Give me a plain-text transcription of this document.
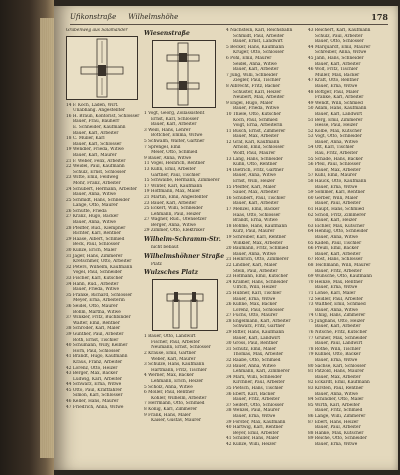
Ufikonstraße Wilhelmshöhe	178
Grabenweg aus Salamander
14 F. Koch, Laden, Wirt.
Unabhäng. Angestellter
16 H. Braun, Kontorist, Schlosser
Bauer, Frau, Bauherr
E. Schneider, Kaufmann
Bauer, Karl, Arbeiter
18 C. Müller, Karl
Bauer, Karl, Schlosser
19 Wendler, Frieda, Witwe
Bauer, Karl, Maurer
21 F. Weber, Felix, Arbeiter
22 Weidel, Paul, Kaufmann
Schulz, Ernst, Schlosser
23 Witte, Emil, Feldweg
Mohr, Franz, Arbeiter
24 Schubert, Hermann, Arbeiter
Bauer, Anna, Witwe
25 Schmidt, Hans, Schneider
Lange, Otto, Maurer
26 Schütte, Frieda
27 Kranz, Hugo, Bäcker
Bauer, Anna, Witwe
28 Pfeiffer, Rud., Klempner
Richter, Karl, Rentner
29 Haase, Albert, Schmied
Beck, Paul, Schlosser
30 Kunze, Erich, Maler
31 Jäger, Hans, Zimmerer
Kretschmer, Otto, Arbeiter
32 Peters, Wilhelm, Kaufmann
Vogel, Paul, Schneider
33 Fischer, Karl, Kutscher
34 Hahn, Rud., Arbeiter
Bauer, Frieda, Witwe
35 Franke, Richard, Schlosser
Meyer, Erna, Arbeiterin
36 Seidel, Otto, Maurer
Böhm, Martha, Witwe
37 Winkler, Fritz, Buchbinder
Walter, Emil, Rentner
38 Schröder, Karl, Maler
39 Günther, Paul, Arbeiter
Roth, Ernst, Tischler
40 Schumann, Willy, Kellner
Horn, Paul, Schlosser
41 Brandt, Hugo, Kaufmann
Kraus, Franz, Arbeiter
42 Lorenz, Otto, Heizer
43 Berger, Max, Bäcker
Ludwig, Karl, Arbeiter
44 Schwarz, Erna, Witwe
45 Otto, Paul, Kraftfahrer
Simon, Karl, Schlosser
46 Keller, Hans, Maurer
47 Friedrich, Anna, Witwe
Wiesenstraße
1 Vogt, Georg, Zollassistent
Ernst, Karl, Schlosser
Bauer, Karl, Arbeiter
3 Weiß, Hans, Lehrer
Böttcher, Emma, Witwe
5 Schwalm, Walter, Gärtner
7 Sprengel, Emil
Meier, Otto, Schmied
9 Bauer, Anna, Witwe
11 Vogel, Heinrich, Rentner
13 Kühn, Emil, Arbeiter
Gärtner, Paul, Tischler
15 Schwalbe, Hermann, Zimmerer
17 Winter, Karl, Kaufmann
19 Hoffmann, Max, Maler
21 Martin, Emil, Angestellter
23 Bauer, Karl, Arbeiter
25 Eckert, Willi, Schneider
Lehmann, Paul, Heizer
27 Wagner, Rud., Ofensetzer
Berger, Anna, Witwe
29 Zimmer, Otto, Elektriker
Wilhelm-Schramm-Str.
nicht bebaut
Wilhelmshöhner Straße
Platz
Wulzsches Platz
1 Bauer, Otto, Landwirt
Fischer, Paul, Arbeiter
Neumann, Ernst, Schlosser
2 Krause, Emil, Gärtner
Weber, Karl, Maurer
3 Schulze, Hans, Kaufmann
Hartmann, Fritz, Tischler
4 Werner, Max, Bäcker
Lehmann, Erich, Heizer
5 Scholz, Anna, Witwe
6 Möller, Paul, Rentner
Köhler, Wilhelm, Arbeiter
7 Herrmann, Otto, Schmied
8 König, Karl, Zimmerer
9 Frank, Hans, Maler
Kaiser, Gustav, Maurer
4 Nachstein, Karl, Reichsbahn
Schmidt, Paul, Arbeiter
Bauer, Ernst, Landwirt
5 Becker, Hans, Kaufmann
Krüger, Otto, Schlosser
6 Pohl, Emil, Maurer
Seidel, Anna, Witwe
Bauer, Karl, Arbeiter
7 Jung, Willi, Schneider
Ziegler, Paul, Tischler
8 Albrecht, Fritz, Bäcker
Schuster, Karl, Heizer
Neubert, Max, Arbeiter
9 Engel, Hugo, Maler
Bauer, Frieda, Witwe
10 Thiele, Otto, Kutscher
Koch, Paul, Schmied
Voigt, Erna, Arbeiterin
11 Busch, Ernst, Zimmerer
Bauer, Max, Arbeiter
12 Graf, Karl, Kaufmann
Arnold, Emil, Schlosser
Wolff, Paul, Maurer
13 Lang, Hans, Schneider
Kuhn, Otto, Rentner
14 Dietrich, Fritz, Gärtner
Bauer, Anna, Witwe
Ernst, Willi, Heizer
15 Pfeiffer, Karl, Maler
Sauer, Max, Arbeiter
16 Schubert, Paul, Tischler
Bauer, Karl, Arbeiter
17 Menzel, Emil, Bäcker
Haas, Otto, Schlosser
Brandt, Erna, Witwe
18 Böhme, Hans, Kaufmann
Kurz, Paul, Maurer
19 Schreiber, Karl, Rentner
Winkler, Max, Arbeiter
20 Baumann, Fritz, Schmied
Bauer, Anna, Witwe
21 Heinrich, Otto, Zimmerer
22 Lindner, Karl, Maler
Stein, Paul, Arbeiter
23 Hofmann, Emil, Kutscher
24 Krämer, Hans, Schneider
Ulrich, Willi, Heizer
25 Hübner, Karl, Tischler
Bauer, Erna, Witwe
26 Kühne, Max, Bäcker
Lorenz, Paul, Schlosser
27 Fuchs, Otto, Maurer
28 Engelmann, Karl, Arbeiter
Schwarz, Fritz, Gärtner
29 Ritter, Hans, Kaufmann
Bauer, Karl, Landwirt
30 Gross, Paul, Rentner
31 Schütz, Emil, Maler
Thomas, Max, Arbeiter
32 Raabe, Otto, Schmied
33 Bauer, Anna, Witwe
Lehmann, Karl, Zimmerer
34 Marx, Willi, Schneider
Kirchner, Paul, Arbeiter
35 Pietsch, Hans, Tischler
36 Ebert, Karl, Bäcker
Bauer, Fritz, Arbeiter
37 Seifert, Otto, Schlosser
38 Wenzel, Paul, Maurer
Bauer, Erna, Witwe
39 Förster, Max, Kaufmann
40 Hartwig, Karl, Rentner
Beyer, Emil, Arbeiter
41 Schiller, Hans, Maler
42 Kunze, Willi, Heizer
43 Reichert, Karl, Kaufmann
Schulz, Paul, Arbeiter
Bauer, Otto, Schlosser
44 Marquardt, Emil, Maurer
Schreiber, Anna, Witwe
45 Jahn, Hans, Schneider
Bauer, Karl, Arbeiter
46 Wolf, Fritz, Tischler
Müller, Max, Bäcker
47 Kraft, Otto, Rentner
Bauer, Erna, Witwe
48 Böttger, Paul, Maler
Franke, Karl, Arbeiter
49 Wendt, Willi, Schmied
50 Adam, Hans, Kaufmann
Bauer, Karl, Landwirt
51 Berg, Emil, Zimmerer
Hesse, Paul, Heizer
52 Kolbe, Max, Kutscher
53 Vogt, Otto, Schneider
Bauer, Anna, Witwe
54 Ott, Karl, Tischler
Rau, Fritz, Arbeiter
55 Schade, Hans, Bäcker
56 Pfeil, Paul, Schlosser
Bauer, Max, Arbeiter
57 Kühl, Emil, Maurer
58 Hauck, Otto, Kaufmann
Bauer, Erna, Witwe
59 Sommer, Karl, Rentner
60 Gerber, Willi, Maler
Bauer, Paul, Arbeiter
61 Haupt, Hans, Schmied
62 Scholl, Fritz, Zimmerer
Bauer, Karl, Heizer
63 Eichler, Max, Kutscher
64 Hennig, Otto, Schneider
Bauer, Anna, Witwe
65 Kaden, Paul, Tischler
66 Preuß, Emil, Bäcker
Bauer, Karl, Arbeiter
67 Rost, Hans, Schlosser
68 Teichmann, Willi, Maurer
Bauer, Fritz, Arbeiter
69 Wünsche, Otto, Kaufmann
70 Heinze, Max, Rentner
Bauer, Erna, Witwe
71 Lohse, Karl, Maler
72 Seidler, Paul, Arbeiter
73 Walther, Emil, Schmied
Bauer, Anna, Witwe
74 Uhlig, Hans, Zimmerer
75 Junghans, Otto, Heizer
Bauer, Karl, Arbeiter
76 Nitsche, Fritz, Kutscher
77 Gruner, Max, Schneider
Bauer, Paul, Landwirt
78 Rothe, Willi, Tischler
79 Kühnel, Otto, Bäcker
Bauer, Erna, Witwe
80 Sachse, Karl, Schlosser
81 Pätzold, Hans, Maurer
Bauer, Max, Arbeiter
82 Eckardt, Emil, Kaufmann
83 Kirsten, Paul, Rentner
Bauer, Anna, Witwe
84 Schindler, Otto, Maler
85 Wirth, Karl, Arbeiter
Bauer, Fritz, Schmied
86 Lange, Willi, Zimmerer
87 Ebert, Hans, Heizer
Bauer, Paul, Arbeiter
88 Hanke, Max, Kutscher
89 Reiche, Otto, Schneider
Bauer, Erna, Witwe
